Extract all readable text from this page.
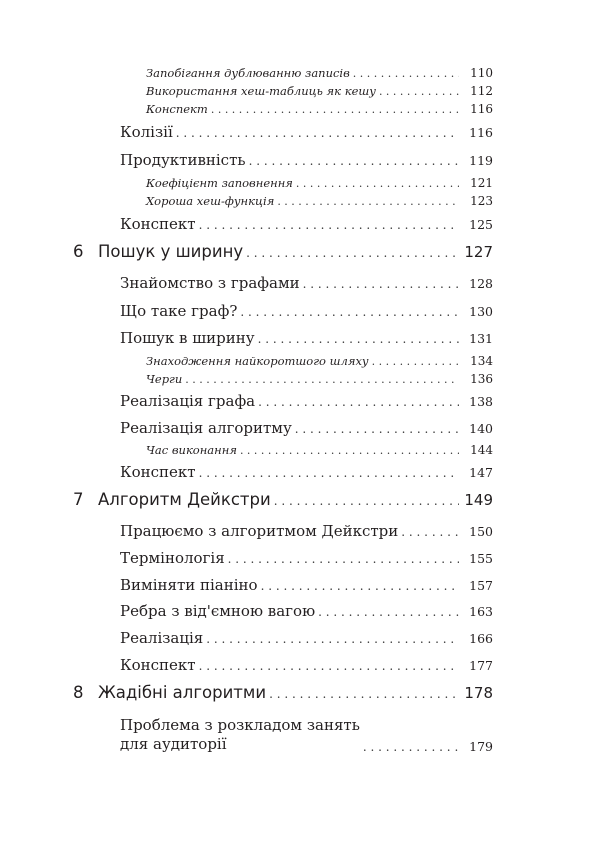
Запобігання дублюванню записів . . .	110
Використання хеш-таблиць як кешу . . .	112
Конспект . . .	116
Колізії . . .	116
Продуктивність . . .	119
Коефіцієнт заповнення . . .	121
Хороша хеш-функція . . .	123
Конспект . . .	125
6 Пошук у ширину . . .	127
Знайомство з графами . . .	128
Що таке граф? . . .	130
Пошук в ширину . . .	131
Знаходження найкоротшого шляху . . .	134
Черги . . .	136
Реалізація графа . . .	138
Реалізація алгоритму . . .	140
Час виконання . . .	144
Конспект . . .	147
7 Алгоритм Дейкстри . . .	149
Працюємо з алгоритмом Дейкстри . . .	150
Термінологія . . .	155
Виміняти піаніно . . .	157
Ребра з від'ємною вагою . . .	163
Реалізація . . .	166
Конспект . . .	177
8 Жадібні алгоритми . . .	178
Проблема з розкладом занять
для аудиторії . . .	179
